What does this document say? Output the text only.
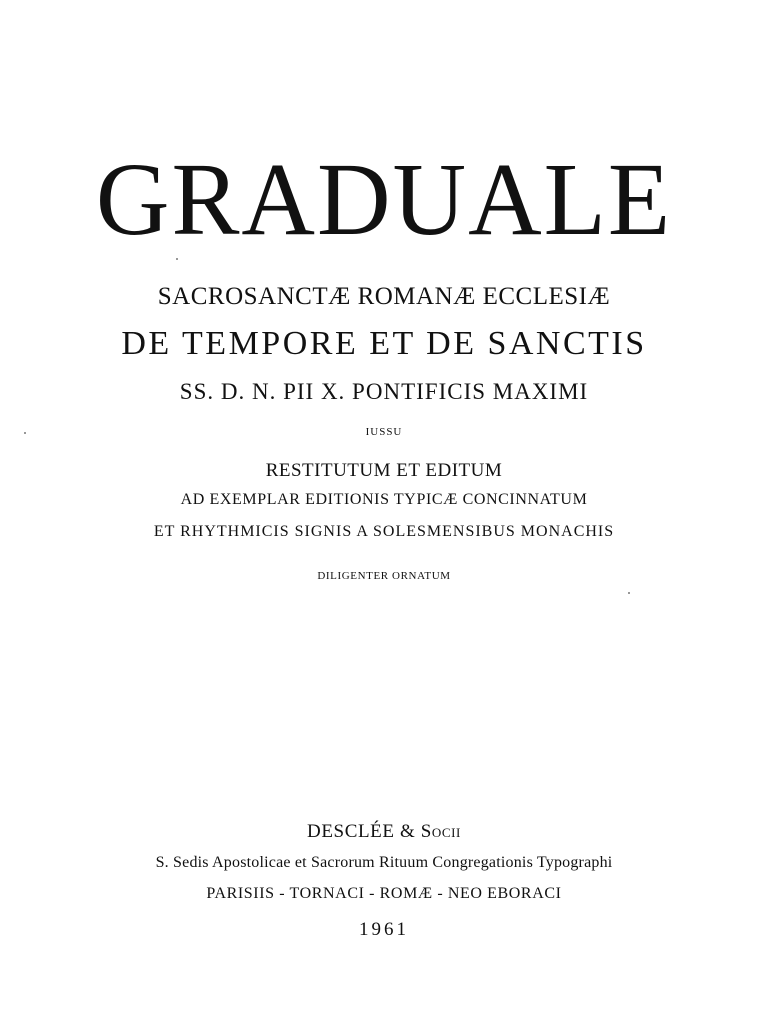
GRADUALE
SACROSANCTÆ ROMANÆ ECCLESIÆ
DE TEMPORE ET DE SANCTIS
SS. D. N. PII X. PONTIFICIS MAXIMI
IUSSU
RESTITUTUM ET EDITUM
AD EXEMPLAR EDITIONIS TYPICÆ CONCINNATUM
ET RHYTHMICIS SIGNIS A SOLESMENSIBUS MONACHIS
DILIGENTER ORNATUM
DESCLÉE & Socii
S. Sedis Apostolicae et Sacrorum Rituum Congregationis Typographi
PARISIIS - TORNACI - ROMÆ - NEO EBORACI
1961
